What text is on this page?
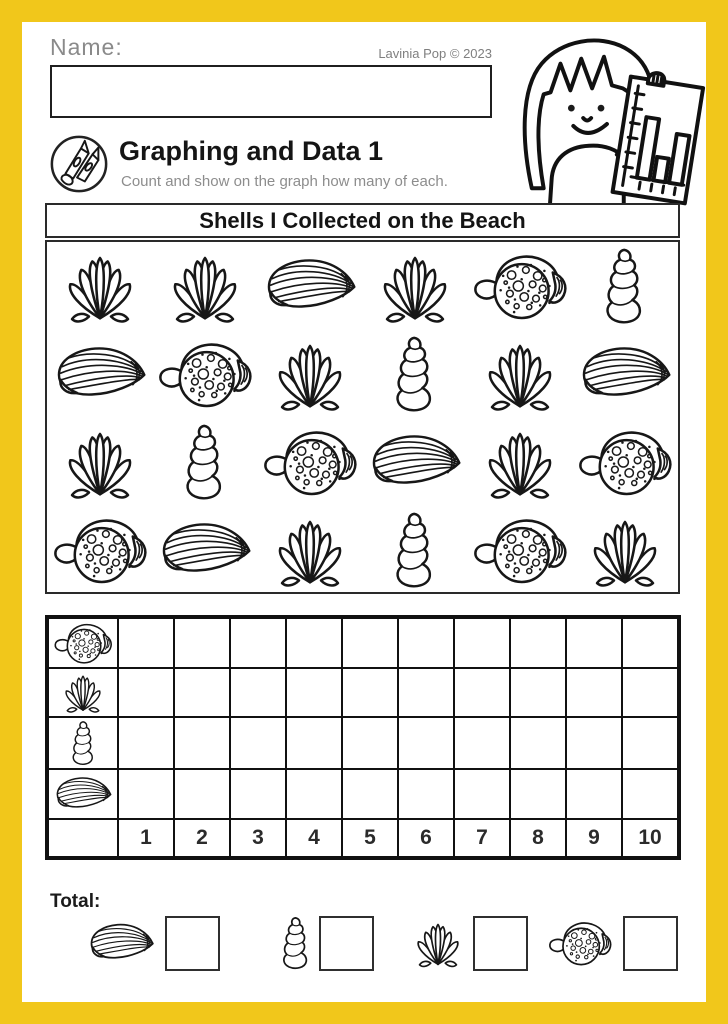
Name:	Lavinia Pop © 2023
Graphing and Data 1
Count and show on the graph how many of each.
Shells I Collected on the Beach
1	2	3	4	5	6	7	8	9	10
Total:
